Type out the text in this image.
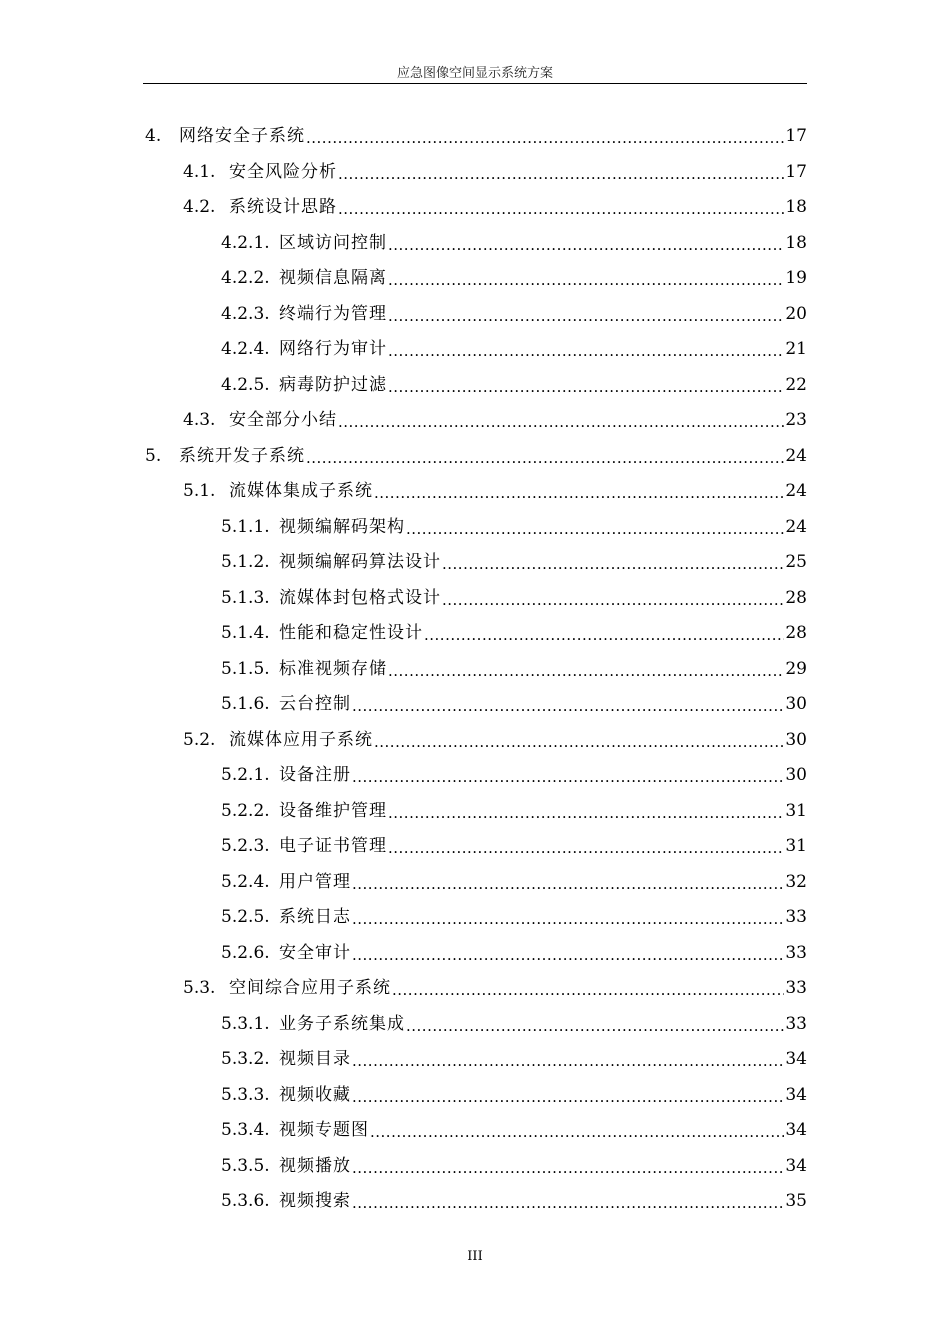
应急图像空间显示系统方案
4.	网络安全子系统 .....	17
4.1. 安全风险分析 .....	17
4.2. 系统设计思路 .....	18
4.2.1. 区域访问控制 .....	18
4.2.2. 视频信息隔离 .....	19
4.2.3. 终端行为管理 .....	20
4.2.4. 网络行为审计 .....	21
4.2.5. 病毒防护过滤 .....	22
4.3. 安全部分小结 .....	23
5.	系统开发子系统 .....	24
5.1. 流媒体集成子系统 .....	24
5.1.1. 视频编解码架构 .....	24
5.1.2. 视频编解码算法设计 .....	25
5.1.3. 流媒体封包格式设计 .....	28
5.1.4. 性能和稳定性设计 .....	28
5.1.5. 标准视频存储 .....	29
5.1.6. 云台控制 .....	30
5.2. 流媒体应用子系统 .....	30
5.2.1. 设备注册 .....	30
5.2.2. 设备维护管理 .....	31
5.2.3. 电子证书管理 .....	31
5.2.4. 用户管理 .....	32
5.2.5. 系统日志 .....	33
5.2.6. 安全审计 .....	33
5.3. 空间综合应用子系统 .....	33
5.3.1. 业务子系统集成 .....	33
5.3.2. 视频目录 .....	34
5.3.3. 视频收藏 .....	34
5.3.4. 视频专题图 .....	34
5.3.5. 视频播放 .....	34
5.3.6. 视频搜索 .....	35
III
